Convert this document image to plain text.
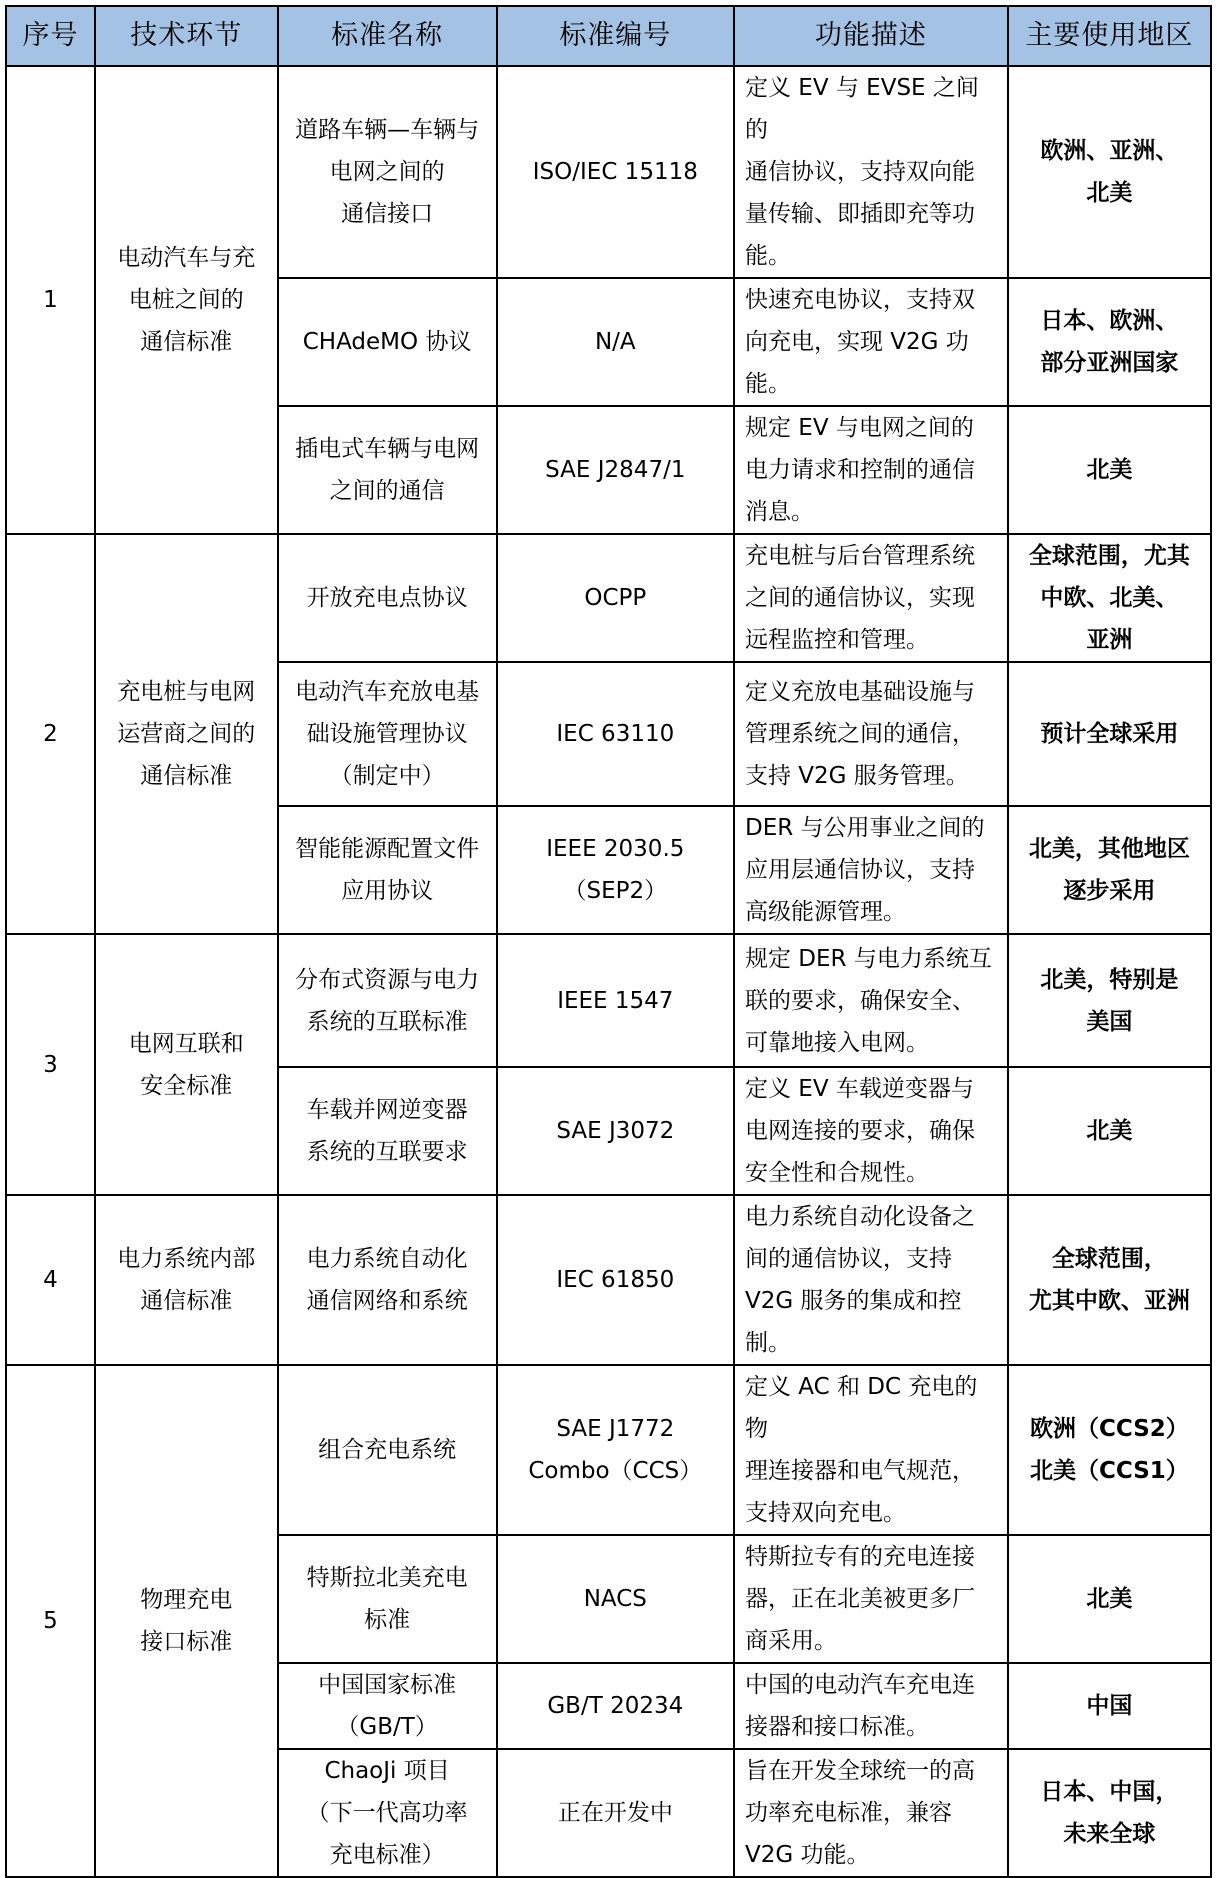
序号	技术环节	标准名称	标准编号	功能描述	主要使用地区
1	电动汽车与充
电桩之间的
通信标准	道路车辆—车辆与
电网之间的
通信接口	ISO/IEC 15118	定义 EV 与 EVSE 之间的
通信协议，支持双向能
量传输、即插即充等功
能。	欧洲、亚洲、
北美

		CHAdeMO 协议	N/A	快速充电协议，支持双
向充电，实现 V2G 功
能。	日本、欧洲、
部分亚洲国家

		插电式车辆与电网
之间的通信	SAE J2847/1	规定 EV 与电网之间的
电力请求和控制的通信
消息。	北美

2	充电桩与电网
运营商之间的
通信标准	开放充电点协议	OCPP	充电桩与后台管理系统
之间的通信协议，实现
远程监控和管理。	全球范围，尤其
中欧、北美、
亚洲

		电动汽车充放电基
础设施管理协议
（制定中）	IEC 63110	定义充放电基础设施与
管理系统之间的通信，
支持 V2G 服务管理。	预计全球采用

		智能能源配置文件
应用协议	IEEE 2030.5
（SEP2）	DER 与公用事业之间的
应用层通信协议，支持
高级能源管理。	北美，其他地区
逐步采用

3	电网互联和
安全标准	分布式资源与电力
系统的互联标准	IEEE 1547	规定 DER 与电力系统互
联的要求，确保安全、
可靠地接入电网。	北美，特别是
美国

		车载并网逆变器
系统的互联要求	SAE J3072	定义 EV 车载逆变器与
电网连接的要求，确保
安全性和合规性。	北美

4	电力系统内部
通信标准	电力系统自动化
通信网络和系统	IEC 61850	电力系统自动化设备之
间的通信协议，支持
V2G 服务的集成和控
制。	全球范围，
尤其中欧、亚洲

5	物理充电
接口标准	组合充电系统	SAE J1772
Combo（CCS）	定义 AC 和 DC 充电的物
理连接器和电气规范，
支持双向充电。	欧洲（CCS2）
北美（CCS1）

		特斯拉北美充电
标准	NACS	特斯拉专有的充电连接
器，正在北美被更多厂
商采用。	北美

		中国国家标准
（GB/T）	GB/T 20234	中国的电动汽车充电连
接器和接口标准。	中国

		ChaoJi 项目
（下一代高功率
充电标准）	正在开发中	旨在开发全球统一的高
功率充电标准，兼容
V2G 功能。	日本、中国，
未来全球
